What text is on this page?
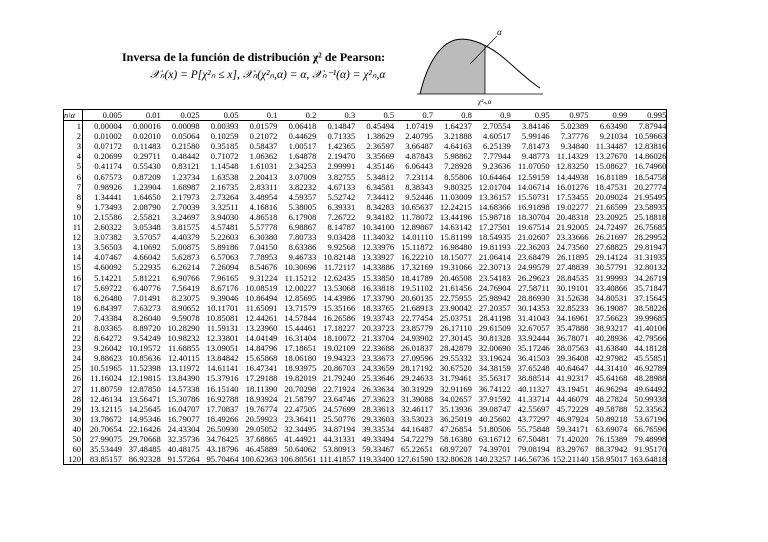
Inversa de la función de distribución χ² de Pearson:
𝒳ₙ(x) = P[χ²ₙ ≤ x], 𝒳ₙ(χ²ₙ,α) = α, 𝒳ₙ⁻¹(α) = χ²ₙ,α
α
χ²ₙ,α
n\α	0.005	0.01	0.025	0.05	0.1	0.2	0.3	0.5	0.7	0.8	0.9	0.95	0.975	0.99	0.995
1	0.00004	0.00016	0.00098	0.00393	0.01579	0.06418	0.14847	0.45494	1.07419	1.64237	2.70554	3.84146	5.02389	6.63490	7.87944
2	0.01002	0.02010	0.05064	0.10259	0.21072	0.44629	0.71335	1.38629	2.40795	3.21888	4.60517	5.99146	7.37776	9.21034	10.59663
3	0.07172	0.11483	0.21580	0.35185	0.58437	1.00517	1.42365	2.36597	3.66487	4.64163	6.25139	7.81473	9.34840	11.34487	12.83816
4	0.20699	0.29711	0.48442	0.71072	1.06362	1.64878	2.19470	3.35669	4.87843	5.98862	7.77944	9.48773	11.14329	13.27670	14.86026
5	0.41174	0.55430	0.83121	1.14548	1.61031	2.34253	2.99991	4.35146	6.06443	7.28928	9.23636	11.07050	12.83250	15.08627	16.74960
6	0.67573	0.87209	1.23734	1.63538	2.20413	3.07009	3.82755	5.34812	7.23114	8.55806	10.64464	12.59159	14.44938	16.81189	18.54758
7	0.98926	1.23904	1.68987	2.16735	2.83311	3.82232	4.67133	6.34581	8.38343	9.80325	12.01704	14.06714	16.01276	18.47531	20.27774
8	1.34441	1.64650	2.17973	2.73264	3.48954	4.59357	5.52742	7.34412	9.52446	11.03009	13.36157	15.50731	17.53455	20.09024	21.95495
9	1.73493	2.08790	2.70039	3.32511	4.16816	5.38005	6.39331	8.34283	10.65637	12.24215	14.68366	16.91898	19.02277	21.66599	23.58935
10	2.15586	2.55821	3.24697	3.94030	4.86518	6.17908	7.26722	9.34182	11.78072	13.44196	15.98718	18.30704	20.48318	23.20925	25.18818
11	2.60322	3.05348	3.81575	4.57481	5.57778	6.98867	8.14787	10.34100	12.89867	14.63142	17.27501	19.67514	21.92005	24.72497	26.75685
12	3.07382	3.57057	4.40379	5.22603	6.30380	7.80733	9.03428	11.34032	14.01110	15.81199	18.54935	21.02607	23.33666	26.21697	28.29952
13	3.56503	4.10692	5.00875	5.89186	7.04150	8.63386	9.92568	12.33976	15.11872	16.98480	19.81193	22.36203	24.73560	27.68825	29.81947
14	4.07467	4.66042	5.62873	6.57063	7.78953	9.46733	10.82148	13.33927	16.22210	18.15077	21.06414	23.68479	26.11895	29.14124	31.31935
15	4.60092	5.22935	6.26214	7.26094	8.54676	10.30696	11.72117	14.33886	17.32169	19.31066	22.30713	24.99579	27.48839	30.57791	32.80132
16	5.14221	5.81221	6.90766	7.96165	9.31224	11.15212	12.62435	15.33850	18.41789	20.46508	23.54183	26.29623	28.84535	31.99993	34.26719
17	5.69722	6.40776	7.56419	8.67176	10.08519	12.00227	13.53068	16.33818	19.51102	21.61456	24.76904	27.58711	30.19101	33.40866	35.71847
18	6.26480	7.01491	8.23075	9.39046	10.86494	12.85695	14.43986	17.33790	20.60135	22.75955	25.98942	28.86930	31.52638	34.80531	37.15645
19	6.84397	7.63273	8.90652	10.11701	11.65091	13.71579	15.35166	18.33765	21.68913	23.90042	27.20357	30.14353	32.85233	36.19087	38.58226
20	7.43384	8.26040	9.59078	10.85081	12.44261	14.57844	16.26586	19.33743	22.77454	25.03751	28.41198	31.41043	34.16961	37.56623	39.99685
21	8.03365	8.89720	10.28290	11.59131	13.23960	15.44461	17.18227	20.33723	23.85779	26.17110	29.61509	32.67057	35.47888	38.93217	41.40106
22	8.64272	9.54249	10.98232	12.33801	14.04149	16.31404	18.10072	21.33704	24.93902	27.30145	30.81328	33.92444	36.78071	40.28936	42.79566
23	9.26042	10.19572	11.68855	13.09051	14.84796	17.18651	19.02109	22.33688	26.01837	28.42879	32.00690	35.17246	38.07563	41.63840	44.18128
24	9.88623	10.85636	12.40115	13.84842	15.65868	18.06180	19.94323	23.33673	27.09596	29.55332	33.19624	36.41503	39.36408	42.97982	45.55851
25	10.51965	11.52398	13.11972	14.61141	16.47341	18.93975	20.86703	24.33659	28.17192	30.67520	34.38159	37.65248	40.64647	44.31410	46.92789
26	11.16024	12.19815	13.84390	15.37916	17.29188	19.82019	21.79240	25.33646	29.24633	31.79461	35.56317	38.88514	41.92317	45.64168	48.28988
27	11.80759	12.87850	14.57338	16.15140	18.11390	20.70298	22.71924	26.33634	30.31929	32.91169	36.74122	40.11327	43.19451	46.96294	49.64492
28	12.46134	13.56471	15.30786	16.92788	18.93924	21.58797	23.64746	27.33623	31.39088	34.02657	37.91592	41.33714	44.46079	48.27824	50.99338
29	13.12115	14.25645	16.04707	17.70837	19.76774	22.47505	24.57699	28.33613	32.46117	35.13936	39.08747	42.55697	45.72229	49.58788	52.33562
30	13.78672	14.95346	16.79077	18.49266	20.59923	23.36411	25.50776	29.33603	33.53023	36.25019	40.25602	43.77297	46.97924	50.89218	53.67196
40	20.70654	22.16426	24.43304	26.50930	29.05052	32.34495	34.87194	39.33534	44.16487	47.26854	51.80506	55.75848	59.34171	63.69074	66.76596
50	27.99075	29.70668	32.35736	34.76425	37.68865	41.44921	44.31331	49.33494	54.72279	58.16380	63.16712	67.50481	71.42020	76.15389	79.48998
60	35.53449	37.48485	40.48175	43.18796	46.45889	50.64062	53.80913	59.33467	65.22651	68.97207	74.39701	79.08194	83.29767	88.37942	91.95170
120	83.85157	86.92328	91.57264	95.70464	100.62363	106.80561	111.41857	119.33400	127.61590	132.80628	140.23257	146.56736	152.21140	158.95017	163.64818
